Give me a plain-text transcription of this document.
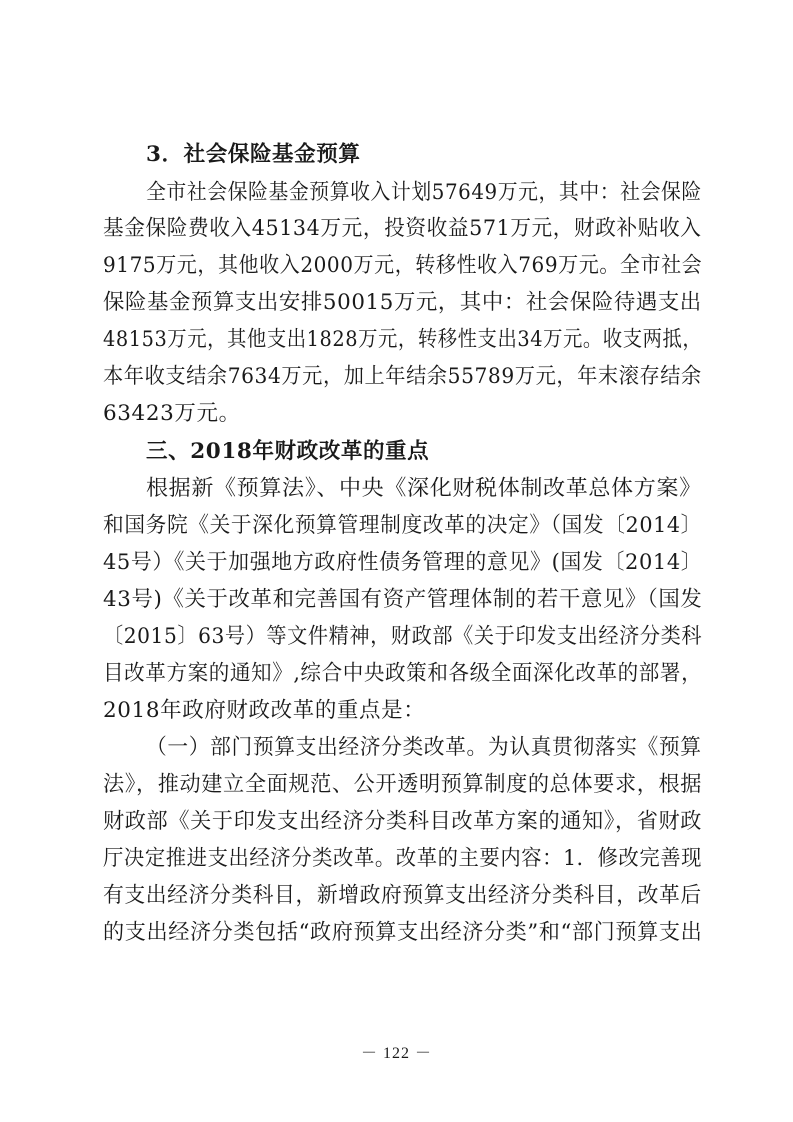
3．社会保险基金预算
全市社会保险基金预算收入计划57649万元，其中：社会保险
基金保险费收入45134万元，投资收益571万元，财政补贴收入
9175万元，其他收入2000万元，转移性收入769万元。全市社会
保险基金预算支出安排50015万元，其中：社会保险待遇支出
48153万元，其他支出1828万元，转移性支出34万元。收支两抵，
本年收支结余7634万元，加上年结余55789万元，年末滚存结余
63423万元。
三、2018年财政改革的重点
根据新《预算法》、中央《深化财税体制改革总体方案》
和国务院《关于深化预算管理制度改革的决定》（国发〔2014〕
45号）《关于加强地方政府性债务管理的意见》(国发〔2014〕
43号)《关于改革和完善国有资产管理体制的若干意见》（国发
〔2015〕63号）等文件精神，财政部《关于印发支出经济分类科
目改革方案的通知》,综合中央政策和各级全面深化改革的部署，
2018年政府财政改革的重点是：
（一）部门预算支出经济分类改革。为认真贯彻落实《预算
法》，推动建立全面规范、公开透明预算制度的总体要求，根据
财政部《关于印发支出经济分类科目改革方案的通知》，省财政
厅决定推进支出经济分类改革。改革的主要内容：1．修改完善现
有支出经济分类科目，新增政府预算支出经济分类科目，改革后
的支出经济分类包括“政府预算支出经济分类”和“部门预算支出
－ 122 －
